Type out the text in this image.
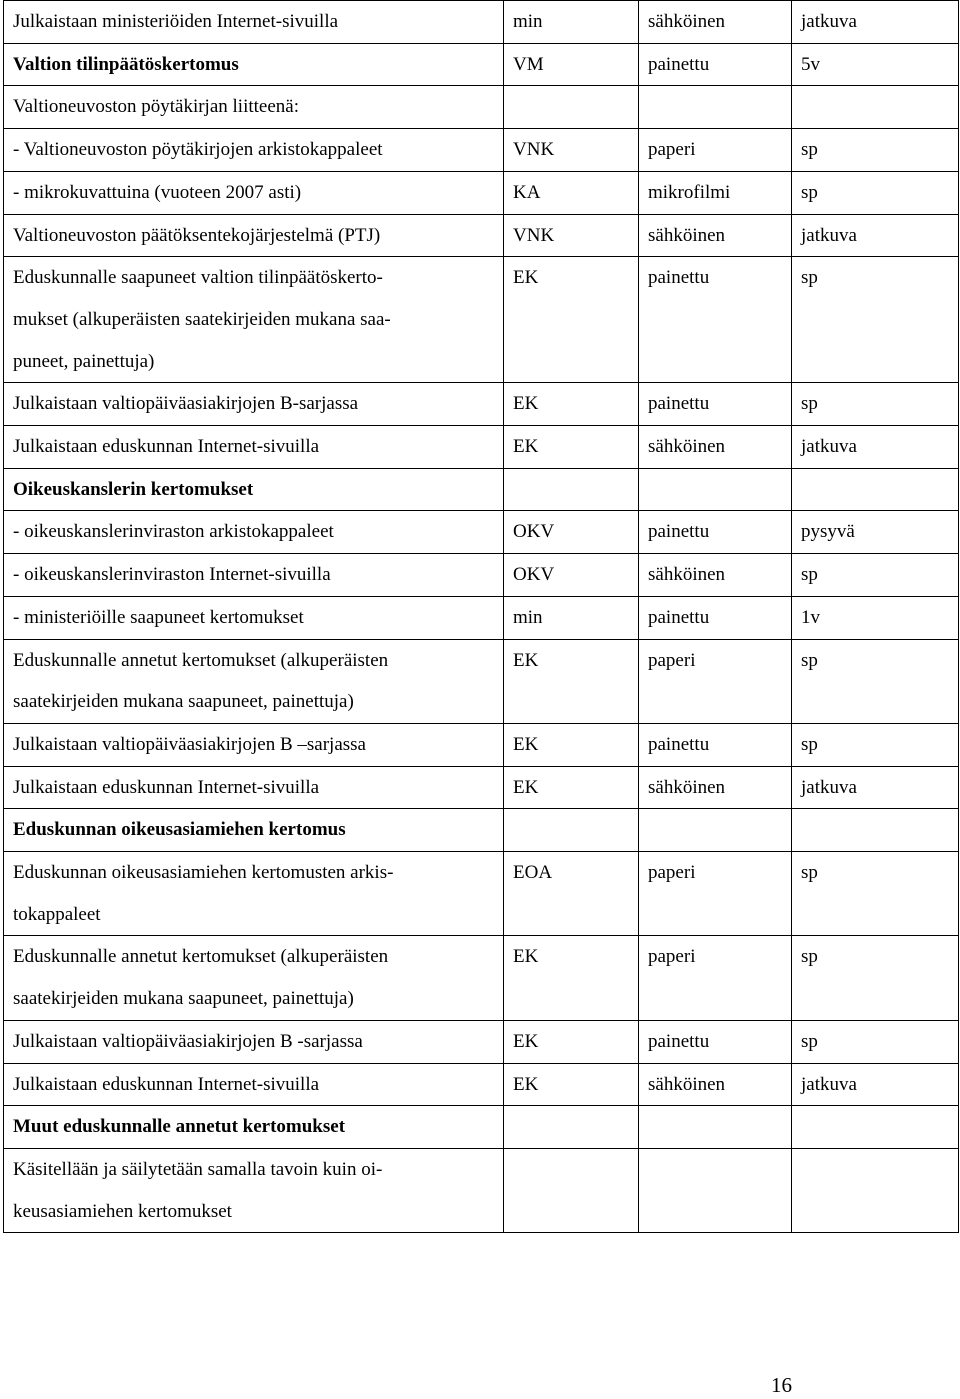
Julkaistaan ministeriöiden Internet-sivuilla	min	sähköinen	jatkuva
Valtion tilinpäätöskertomus	VM	painettu	5v
Valtioneuvoston pöytäkirjan liitteenä:			
- Valtioneuvoston pöytäkirjojen arkistokappaleet	VNK	paperi	sp
- mikrokuvattuina (vuoteen 2007 asti)	KA	mikrofilmi	sp
Valtioneuvoston päätöksentekojärjestelmä (PTJ)	VNK	sähköinen	jatkuva
Eduskunnalle saapuneet valtion tilinpäätöskerto-
mukset (alkuperäisten saatekirjeiden mukana saa-
puneet, painettuja)	EK	painettu	sp
Julkaistaan valtiopäiväasiakirjojen B-sarjassa	EK	painettu	sp
Julkaistaan eduskunnan Internet-sivuilla	EK	sähköinen	jatkuva
Oikeuskanslerin kertomukset			
- oikeuskanslerinviraston arkistokappaleet	OKV	painettu	pysyvä
- oikeuskanslerinviraston Internet-sivuilla	OKV	sähköinen	sp
- ministeriöille saapuneet kertomukset	min	painettu	1v
Eduskunnalle annetut kertomukset (alkuperäisten
saatekirjeiden mukana saapuneet, painettuja)	EK	paperi	sp
Julkaistaan valtiopäiväasiakirjojen B –sarjassa	EK	painettu	sp
Julkaistaan eduskunnan Internet-sivuilla	EK	sähköinen	jatkuva
Eduskunnan oikeusasiamiehen kertomus			
Eduskunnan oikeusasiamiehen kertomusten arkis-
tokappaleet	EOA	paperi	sp
Eduskunnalle annetut kertomukset (alkuperäisten
saatekirjeiden mukana saapuneet, painettuja)	EK	paperi	sp
Julkaistaan valtiopäiväasiakirjojen B -sarjassa	EK	painettu	sp
Julkaistaan eduskunnan Internet-sivuilla	EK	sähköinen	jatkuva
Muut eduskunnalle annetut kertomukset			
Käsitellään ja säilytetään samalla tavoin kuin oi-
keusasiamiehen kertomukset			
16
